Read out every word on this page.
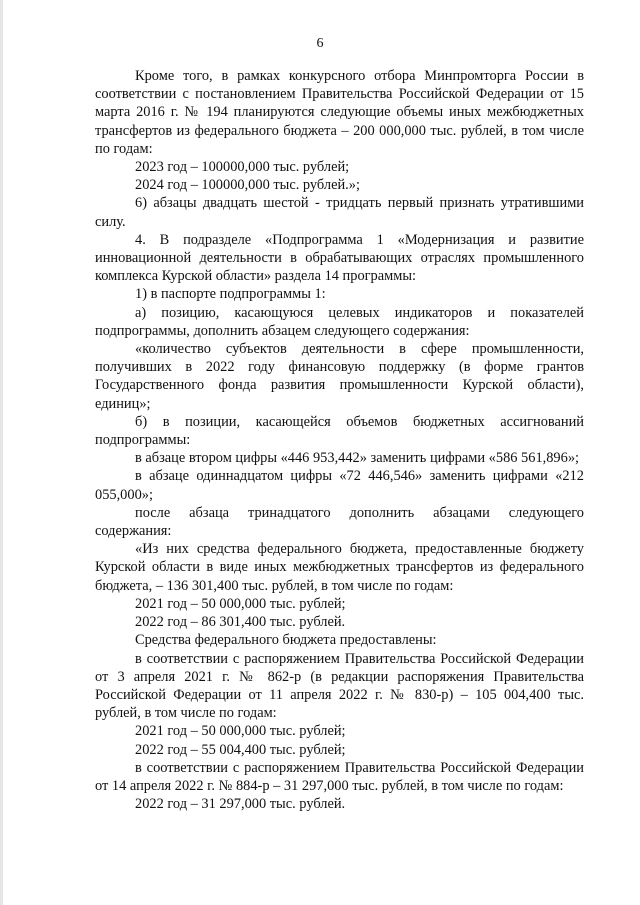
6

Кроме того, в рамках конкурсного отбора Минпромторга России в соответствии с постановлением Правительства Российской Федерации от 15 марта 2016 г. № 194 планируются следующие объемы иных межбюджетных трансфертов из федерального бюджета – 200 000,000 тыс. рублей, в том числе по годам:

2023 год – 100000,000 тыс. рублей;

2024 год – 100000,000 тыс. рублей.»;

6) абзацы двадцать шестой - тридцать первый признать утратившими силу.

4. В подразделе «Подпрограмма 1 «Модернизация и развитие инновационной деятельности в обрабатывающих отраслях промышленного комплекса Курской области» раздела 14 программы:

1) в паспорте подпрограммы 1:

а) позицию, касающуюся целевых индикаторов и показателей подпрограммы, дополнить абзацем следующего содержания:

«количество субъектов деятельности в сфере промышленности, получивших в 2022 году финансовую поддержку (в форме грантов Государственного фонда развития промышленности Курской области), единиц»;

б) в позиции, касающейся объемов бюджетных ассигнований подпрограммы:

в абзаце втором цифры «446 953,442» заменить цифрами «586 561,896»;

в абзаце одиннадцатом цифры «72 446,546» заменить цифрами «212 055,000»;

после абзаца тринадцатого дополнить абзацами следующего содержания:

«Из них средства федерального бюджета, предоставленные бюджету Курской области в виде иных межбюджетных трансфертов из федерального бюджета, – 136 301,400 тыс. рублей, в том числе по годам:

2021 год – 50 000,000 тыс. рублей;

2022 год – 86 301,400 тыс. рублей.

Средства федерального бюджета предоставлены:

в соответствии с распоряжением Правительства Российской Федерации от 3 апреля 2021 г. № 862-р (в редакции распоряжения Правительства Российской Федерации от 11 апреля 2022 г. № 830-р) – 105 004,400 тыс. рублей, в том числе по годам:

2021 год – 50 000,000 тыс. рублей;

2022 год – 55 004,400 тыс. рублей;

в соответствии с распоряжением Правительства Российской Федерации от 14 апреля 2022 г. № 884-р – 31 297,000 тыс. рублей, в том числе по годам:

2022 год – 31 297,000 тыс. рублей.
